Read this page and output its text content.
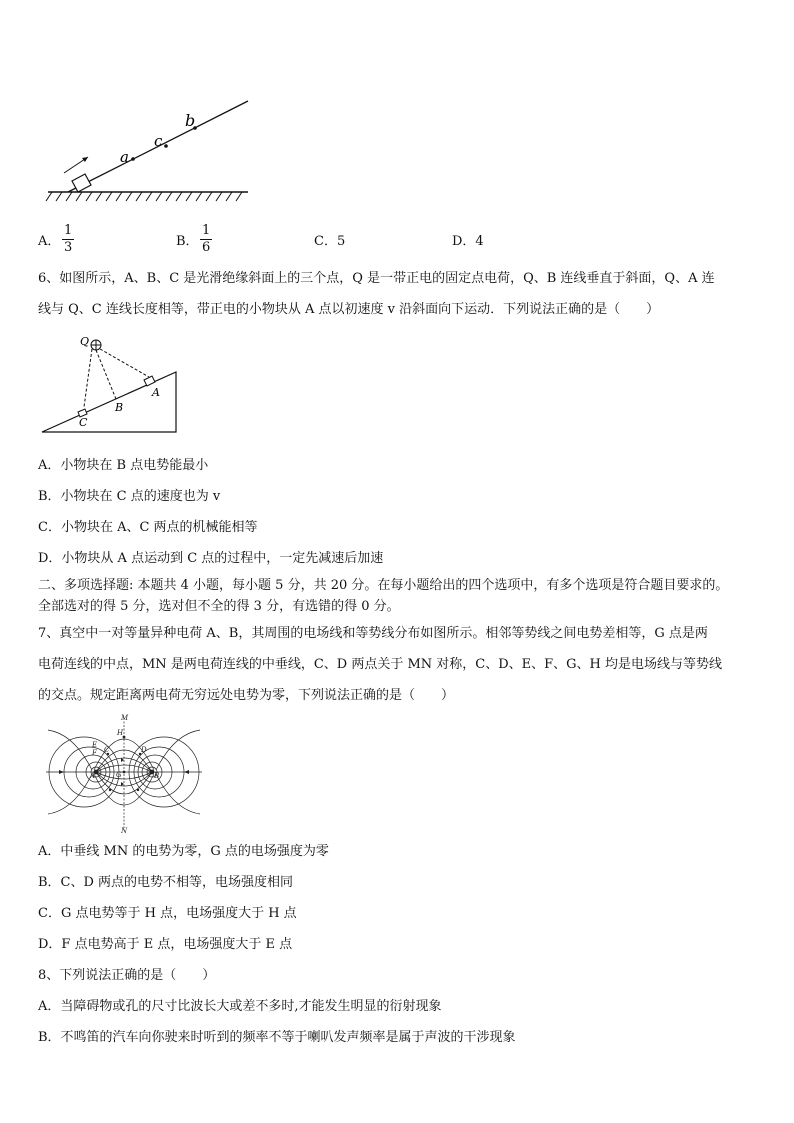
a
c
b
A．
1
3	B．
1
6	C．5	D．4
6、如图所示，A、B、C 是光滑绝缘斜面上的三个点，Q 是一带正电的固定点电荷，Q、B 连线垂直于斜面，Q、A 连
线与 Q、C 连线长度相等，带正电的小物块从 A 点以初速度 v 沿斜面向下运动．下列说法正确的是（　　）
Q
A
B
C
A．小物块在 B 点电势能最小
B．小物块在 C 点的速度也为 v
C．小物块在 A、C 两点的机械能相等
D．小物块从 A 点运动到 C 点的过程中，一定先减速后加速
二、多项选择题: 本题共 4 小题，每小题 5 分，共 20 分。在每小题给出的四个选项中，有多个选项是符合题目要求的。
全部选对的得 5 分，选对但不全的得 3 分，有选错的得 0 分。
7、真空中一对等量异种电荷 A、B，其周围的电场线和等势线分布如图所示。相邻等势线之间电势差相等，G 点是两
电荷连线的中点，MN 是两电荷连线的中垂线，C、D 两点关于 MN 对称，C、D、E、F、G、H 均是电场线与等势线
的交点。规定距离两电荷无穷远处电势为零，下列说法正确的是（　　）
M
N
H
G
E
F C	D
A	B
A．中垂线 MN 的电势为零，G 点的电场强度为零
B．C、D 两点的电势不相等，电场强度相同
C．G 点电势等于 H 点，电场强度大于 H 点
D．F 点电势高于 E 点，电场强度大于 E 点
8、下列说法正确的是（　　）
A．当障碍物或孔的尺寸比波长大或差不多时,才能发生明显的衍射现象
B．不鸣笛的汽车向你驶来时听到的频率不等于喇叭发声频率是属于声波的干涉现象
